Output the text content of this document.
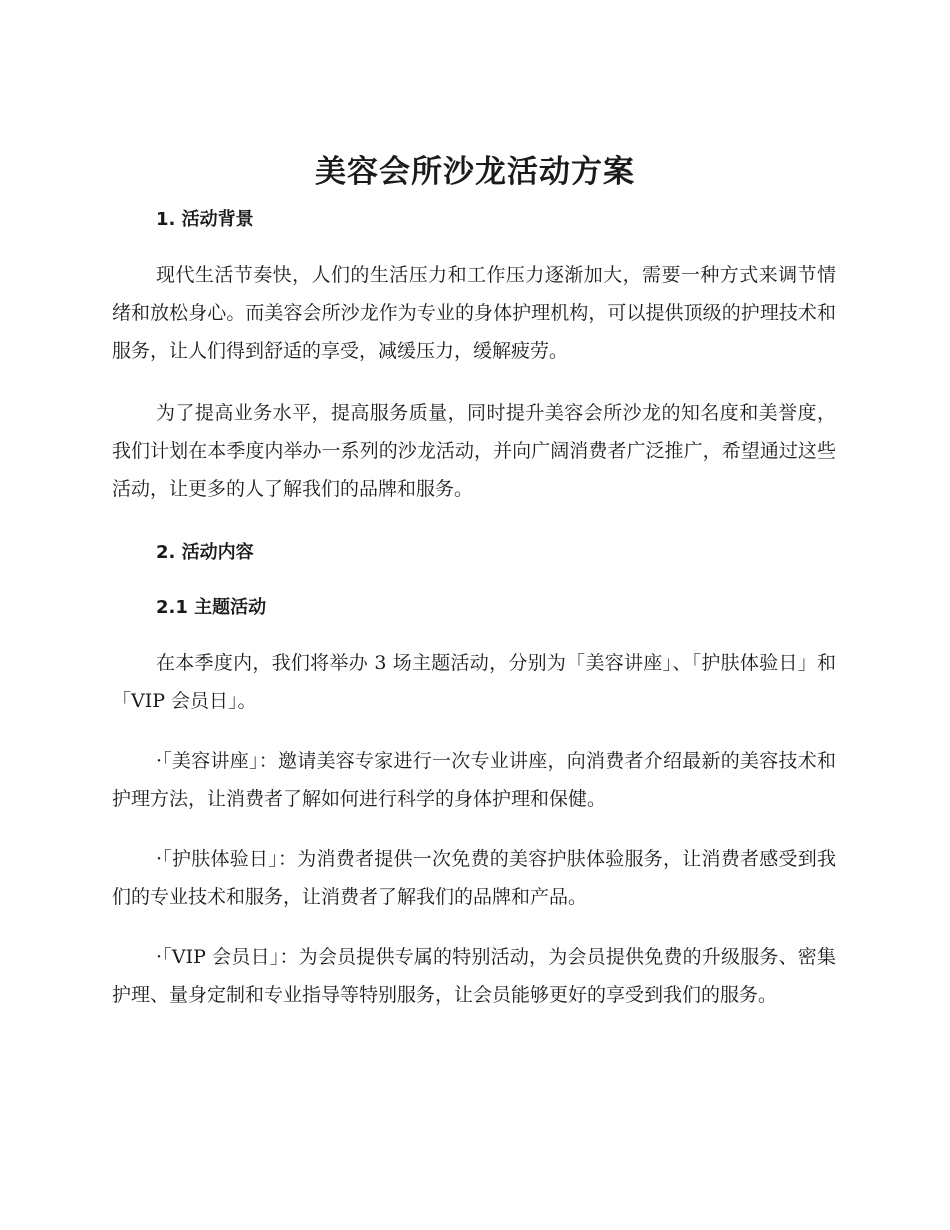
美容会所沙龙活动方案
1. 活动背景

现代生活节奏快，人们的生活压力和工作压力逐渐加大，需要一种方式来调节情绪和放松身心。而美容会所沙龙作为专业的身体护理机构，可以提供顶级的护理技术和服务，让人们得到舒适的享受，减缓压力，缓解疲劳。

为了提高业务水平，提高服务质量，同时提升美容会所沙龙的知名度和美誉度，我们计划在本季度内举办一系列的沙龙活动，并向广阔消费者广泛推广，希望通过这些活动，让更多的人了解我们的品牌和服务。

2. 活动内容
2.1 主题活动

在本季度内，我们将举办 3 场主题活动，分别为「美容讲座」、「护肤体验日」和「VIP 会员日」。

·「美容讲座」：邀请美容专家进行一次专业讲座，向消费者介绍最新的美容技术和护理方法，让消费者了解如何进行科学的身体护理和保健。

·「护肤体验日」：为消费者提供一次免费的美容护肤体验服务，让消费者感受到我们的专业技术和服务，让消费者了解我们的品牌和产品。

·「VIP 会员日」：为会员提供专属的特别活动，为会员提供免费的升级服务、密集护理、量身定制和专业指导等特别服务，让会员能够更好的享受到我们的服务。
